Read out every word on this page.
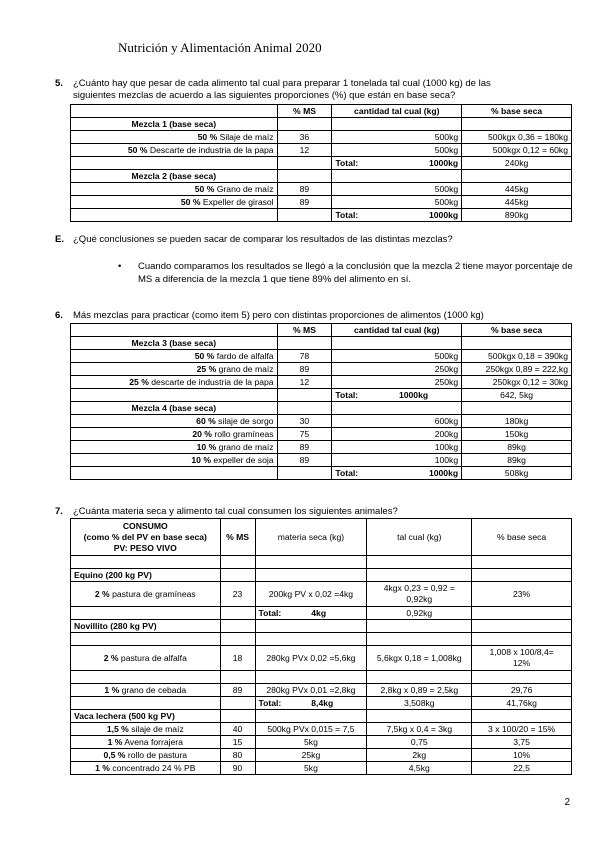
Nutrición y Alimentación Animal 2020
5. ¿Cuánto hay que pesar de cada alimento tal cual para preparar 1 tonelada tal cual (1000 kg) de las
siguientes mezclas de acuerdo a las siguientes proporciones (%) que están en base seca?
	% MS	cantidad tal cual (kg)	% base seca
Mezcla 1 (base seca)			
50 % Silaje de maíz	36	500kg	500kgx 0,36 = 180kg
50 % Descarte de industria de la papa	12	500kg	500kgx 0,12 = 60kg
		Total: 1000kg	240kg
Mezcla 2 (base seca)			
50 % Grano de maíz	89	500kg	445kg
50 % Expeller de girasol	89	500kg	445kg
		Total: 1000kg	890kg
E. ¿Qué conclusiones se pueden sacar de comparar los resultados de las distintas mezclas?
• Cuando comparamos los resultados se llegó a la conclusión que la mezcla 2 tiene mayor porcentaje de
MS a diferencia de la mezcla 1 que tiene 89% del alimento en sí.
6. Más mezclas para practicar (como item 5) pero con distintas proporciones de alimentos (1000 kg)
	% MS	cantidad tal cual (kg)	% base seca
Mezcla 3 (base seca)			
50 % fardo de alfalfa	78	500kg	500kgx 0,18 = 390kg
25 % grano de maíz	89	250kg	250kgx 0,89 = 222,kg
25 % descarte de industria de la papa	12	250kg	250kgx 0,12 = 30kg
		Total: 1000kg	642, 5kg
Mezcla 4 (base seca)			
60 % silaje de sorgo	30	600kg	180kg
20 % rollo gramíneas	75	200kg	150kg
10 % grano de maíz	89	100kg	89kg
10 % expeller de soja	89	100kg	89kg
		Total: 1000kg	508kg
7. ¿Cuánta materia seca y alimento tal cual consumen los siguientes animales?
CONSUMO
(como % del PV en base seca)
PV: PESO VIVO	% MS	materia seca (kg)	tal cual (kg)	% base seca

Equino (200 kg PV)				
2 % pastura de gramíneas	23	200kg PV x 0,02 =4kg	4kgx 0,23 = 0,92 =
0,92kg	23%
		Total: 4kg	0,92kg	
Novillito (280 kg PV)				

2 % pastura de alfalfa	18	280kg PVx 0,02 =5,6kg	5,6kgx 0,18 = 1,008kg	1,008 x 100/8,4=
12%

1 % grano de cebada	89	280kg PVx 0,01 =2,8kg	2,8kg x 0,89 = 2,5kg	29,76
		Total: 8,4kg	3,508kg	41,76kg
Vaca lechera (500 kg PV)				
1,5 % silaje de maíz	40	500kg PVx 0,015 = 7,5	7,5kg x 0,4 = 3kg	3 x 100/20 = 15%
1 % Avena forrajera	15	5kg	0,75	3,75
0,5 % rollo de pastura	80	25kg	2kg	10%
1 % concentrado 24 % PB	90	5kg	4,5kg	22,5
2
